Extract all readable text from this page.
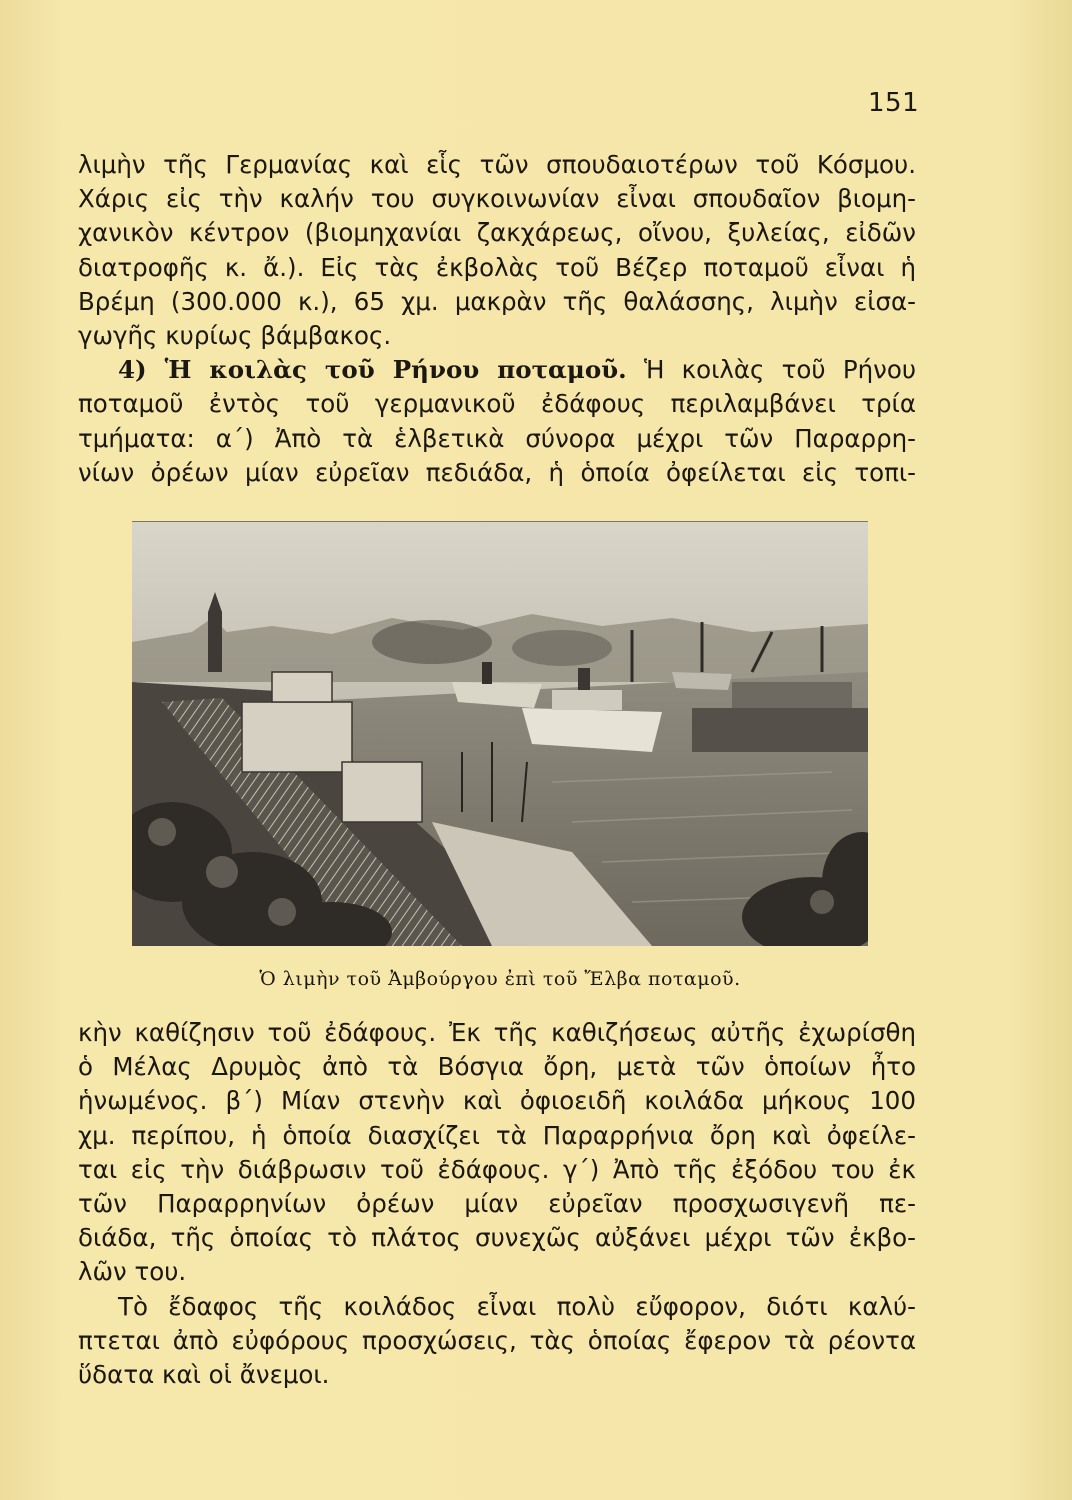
151
λιμὴν τῆς Γερμανίας καὶ εἷς τῶν σπουδαιοτέρων τοῦ Κόσμου.
Χάρις εἰς τὴν καλήν του συγκοινωνίαν εἶναι σπουδαῖον βιομη-
χανικὸν κέντρον (βιομηχανίαι ζακχάρεως, οἴνου, ξυλείας, εἰδῶν
διατροφῆς κ. ἄ.). Εἰς τὰς ἐκβολὰς τοῦ Βέζερ ποταμοῦ εἶναι ἡ
Βρέμη (300.000 κ.), 65 χμ. μακρὰν τῆς θαλάσσης, λιμὴν εἰσα-
γωγῆς κυρίως βάμβακος.
4) Ἡ κοιλὰς τοῦ Ρήνου ποταμοῦ. Ἡ κοιλὰς τοῦ Ρήνου
ποταμοῦ ἐντὸς τοῦ γερμανικοῦ ἐδάφους περιλαμβάνει τρία
τμήματα: α΄) Ἀπὸ τὰ ἑλβετικὰ σύνορα μέχρι τῶν Παραρρη-
νίων ὀρέων μίαν εὐρεῖαν πεδιάδα, ἡ ὁποία ὀφείλεται εἰς τοπι-
Ὁ λιμὴν τοῦ Ἀμβούργου ἐπὶ τοῦ Ἔλβα ποταμοῦ.
κὴν καθίζησιν τοῦ ἐδάφους. Ἐκ τῆς καθιζήσεως αὐτῆς ἐχωρίσθη
ὁ Μέλας Δρυμὸς ἀπὸ τὰ Βόσγια ὄρη, μετὰ τῶν ὁποίων ἦτο
ἡνωμένος. β΄) Μίαν στενὴν καὶ ὀφιοειδῆ κοιλάδα μήκους 100
χμ. περίπου, ἡ ὁποία διασχίζει τὰ Παραρρήνια ὄρη καὶ ὀφείλε-
ται εἰς τὴν διάβρωσιν τοῦ ἐδάφους. γ΄) Ἀπὸ τῆς ἐξόδου του ἐκ
τῶν Παραρρηνίων ὀρέων μίαν εὐρεῖαν προσχωσιγενῆ πε-
διάδα, τῆς ὁποίας τὸ πλάτος συνεχῶς αὐξάνει μέχρι τῶν ἐκβο-
λῶν του.
Τὸ ἔδαφος τῆς κοιλάδος εἶναι πολὺ εὔφορον, διότι καλύ-
πτεται ἀπὸ εὐφόρους προσχώσεις, τὰς ὁποίας ἔφερον τὰ ρέοντα
ὕδατα καὶ οἱ ἄνεμοι.
